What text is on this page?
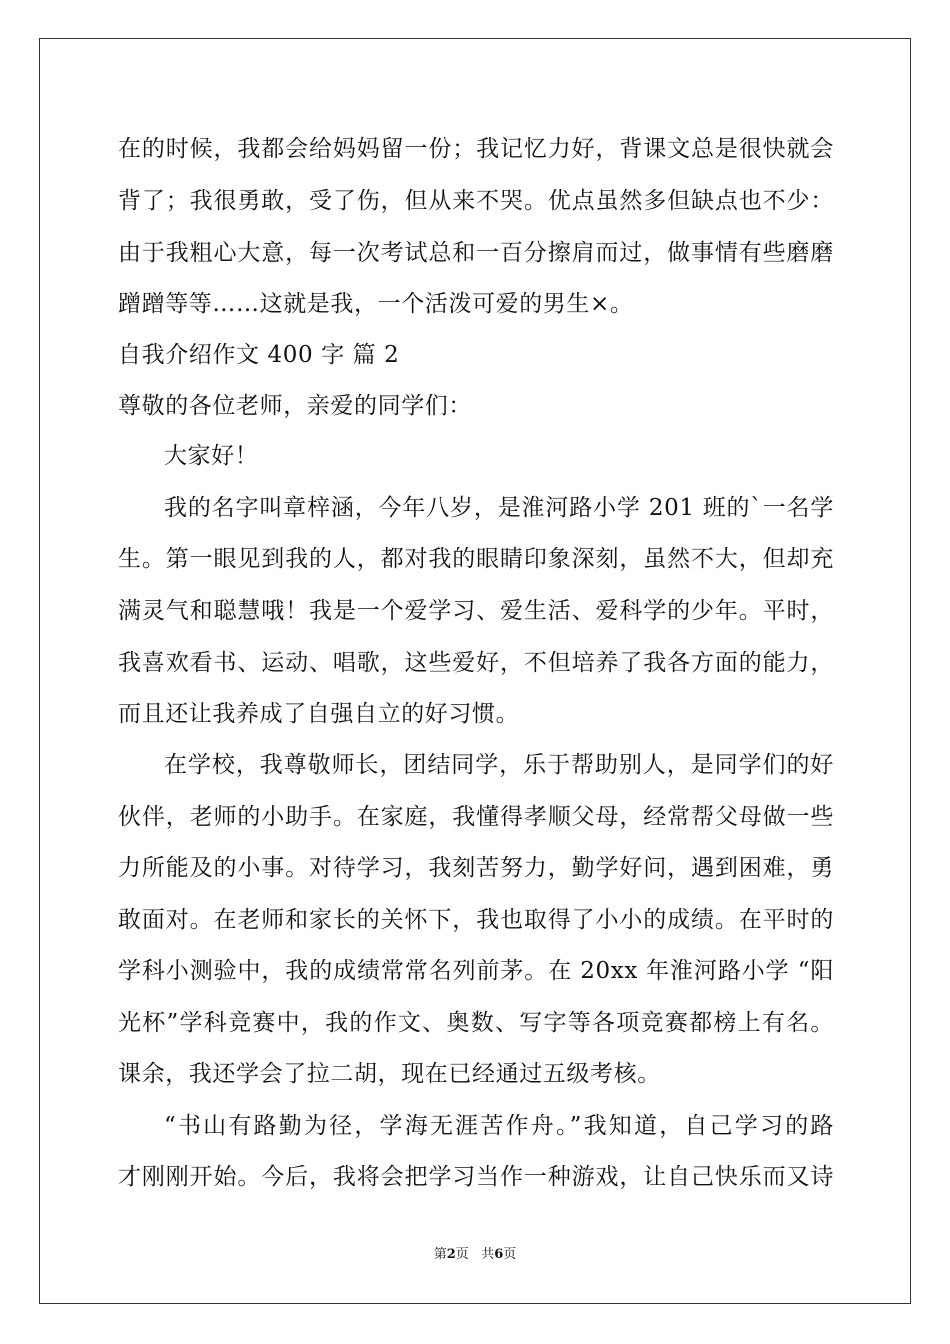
在的时候，我都会给妈妈留一份；我记忆力好，背课文总是很快就会
背了；我很勇敢，受了伤，但从来不哭。优点虽然多但缺点也不少：
由于我粗心大意，每一次考试总和一百分擦肩而过，做事情有些磨磨
蹭蹭等等……这就是我，一个活泼可爱的男生×。
自我介绍作文 400 字 篇 2
尊敬的各位老师，亲爱的同学们：
大家好！
我的名字叫章梓涵，今年八岁，是淮河路小学 201 班的`一名学
生。第一眼见到我的人，都对我的眼睛印象深刻，虽然不大，但却充
满灵气和聪慧哦！我是一个爱学习、爱生活、爱科学的少年。平时，
我喜欢看书、运动、唱歌，这些爱好，不但培养了我各方面的能力，
而且还让我养成了自强自立的好习惯。
在学校，我尊敬师长，团结同学，乐于帮助别人，是同学们的好
伙伴，老师的小助手。在家庭，我懂得孝顺父母，经常帮父母做一些
力所能及的小事。对待学习，我刻苦努力，勤学好问，遇到困难，勇
敢面对。在老师和家长的关怀下，我也取得了小小的成绩。在平时的
学科小测验中，我的成绩常常名列前茅。在 20xx 年淮河路小学 “阳
光杯”学科竞赛中，我的作文、奥数、写字等各项竞赛都榜上有名。
课余，我还学会了拉二胡，现在已经通过五级考核。
“书山有路勤为径，学海无涯苦作舟。”我知道，自己学习的路
才刚刚开始。今后，我将会把学习当作一种游戏，让自己快乐而又诗
第2页 共6页
